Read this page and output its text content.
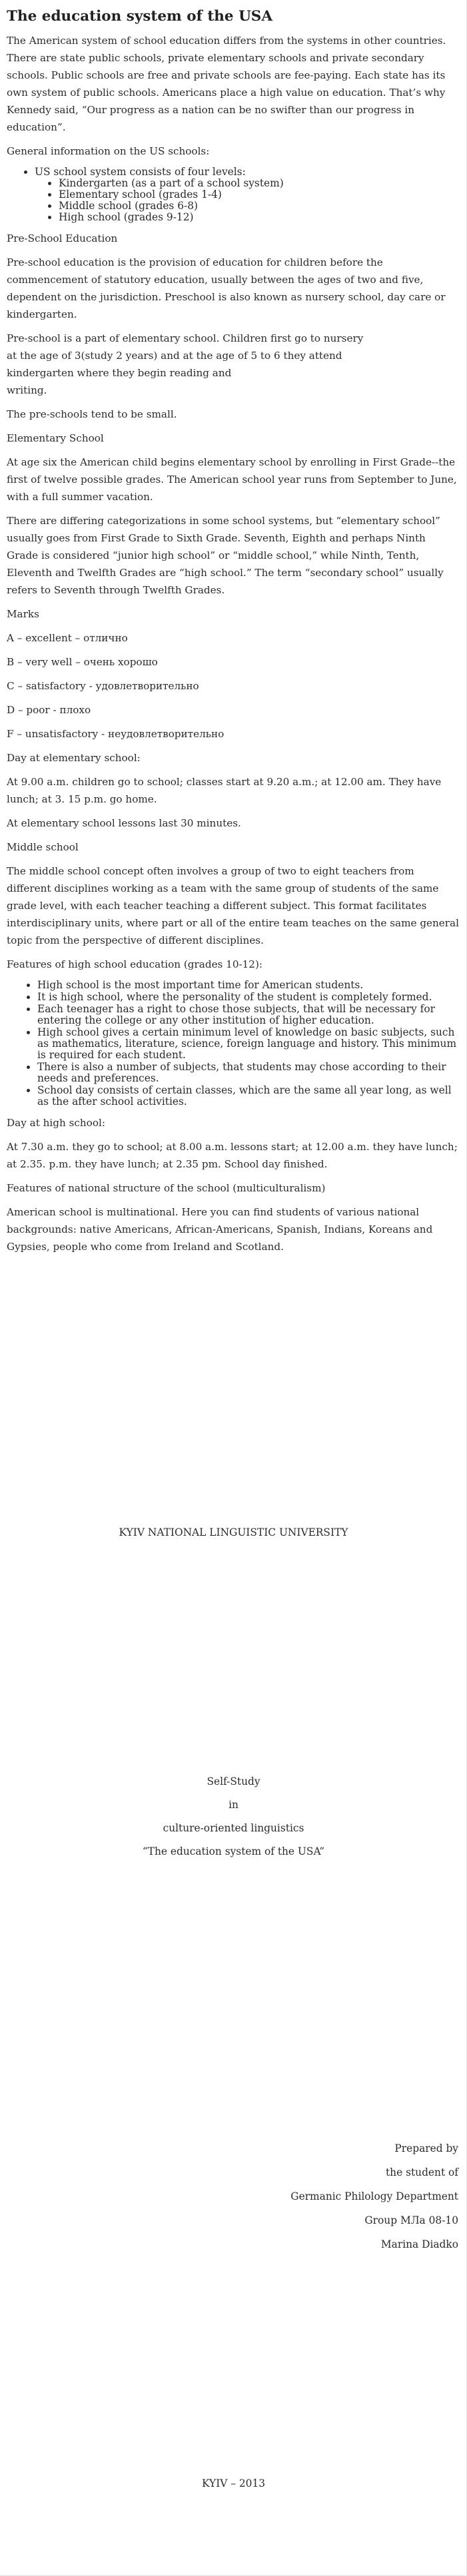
The education system of the USA

The American system of school education differs from the systems in other countries. There are state public schools, private elementary schools and private secondary schools. Public schools are free and private schools are fee-paying. Each state has its own system of public schools. Americans place a high value on education. That’s why Kennedy said, “Our progress as a nation can be no swifter than our progress in education”.

General information on the US schools:

• US school system consists of four levels:
• Kindergarten (as a part of a school system)
• Elementary school (grades 1-4)
• Middle school (grades 6-8)
• High school (grades 9-12)

Pre-School Education

Pre-school education is the provision of education for children before the commencement of statutory education, usually between the ages of two and five, dependent on the jurisdiction. Preschool is also known as nursery school, day care or kindergarten.

Pre-school is a part of elementary school. Children first go to nursery
at the age of 3(study 2 years) and at the age of 5 to 6 they attend
kindergarten where they begin reading and
writing.

The pre-schools tend to be small.

Elementary School

At age six the American child begins elementary school by enrolling in First Grade--the first of twelve possible grades. The American school year runs from September to June, with a full summer vacation.

There are differing categorizations in some school systems, but “elementary school” usually goes from First Grade to Sixth Grade. Seventh, Eighth and perhaps Ninth Grade is considered “junior high school” or “middle school,” while Ninth, Tenth, Eleventh and Twelfth Grades are “high school.” The term “secondary school” usually refers to Seventh through Twelfth Grades.

Marks

A – excellent – отлично

B – very well – очень хорошо

C – satisfactory - удовлетворительно

D – poor - плохо

F – unsatisfactory - неудовлетворительно

Day at elementary school:

At 9.00 a.m. children go to school; classes start at 9.20 a.m.; at 12.00 am. They have lunch; at 3. 15 p.m. go home.

At elementary school lessons last 30 minutes.

Middle school

The middle school concept often involves a group of two to eight teachers from different disciplines working as a team with the same group of students of the same grade level, with each teacher teaching a different subject. This format facilitates interdisciplinary units, where part or all of the entire team teaches on the same general topic from the perspective of different disciplines.

Features of high school education (grades 10-12):

• High school is the most important time for American students.
• It is high school, where the personality of the student is completely formed.
• Each teenager has a right to chose those subjects, that will be necessary for entering the college or any other institution of higher education.
• High school gives a certain minimum level of knowledge on basic subjects, such as mathematics, literature, science, foreign language and history. This minimum is required for each student.
• There is also a number of subjects, that students may chose according to their needs and preferences.
• School day consists of certain classes, which are the same all year long, as well as the after school activities.

Day at high school:

At 7.30 a.m. they go to school; at 8.00 a.m. lessons start; at 12.00 a.m. they have lunch; at 2.35. p.m. they have lunch; at 2.35 pm. School day finished.

Features of national structure of the school (multiculturalism)

American school is multinational. Here you can find students of various national backgrounds: native Americans, African-Americans, Spanish, Indians, Koreans and Gypsies, people who come from Ireland and Scotland.

KYIV NATIONAL LINGUISTIC UNIVERSITY
Self-Study
in
culture-oriented linguistics
“The education system of the USA”
Prepared by
the student of
Germanic Philology Department
Group МЛа 08-10
Marina Diadko
KYIV – 2013
